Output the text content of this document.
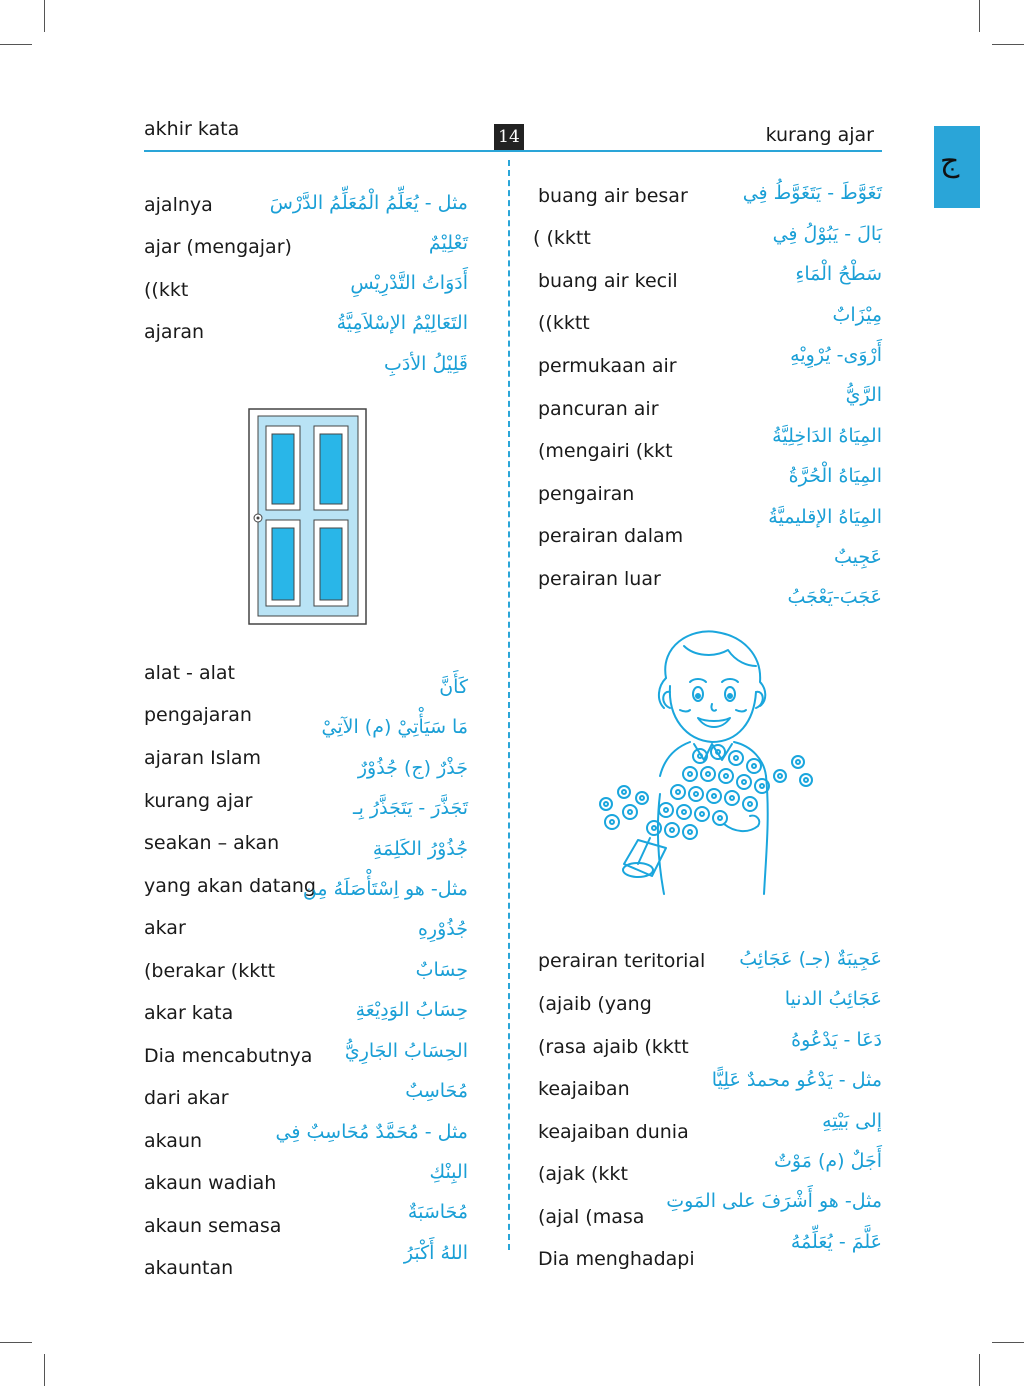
akhir kata	14	kurang ajar
ﺝ
ajalnya
ajar (mengajar)
((kkt
ajaran
مثل - يُعَلِّمُ الْمُعَلِّمُ الدَّرْسَ
تَعْلِيْمٌ
أَدَوَاتُ التَّدْرِيْسِ
التَعَالِيْمُ الإسْلاَمِيَّةُ
قَلِيْلُ الأدَبِ
alat - alat
pengajaran
ajaran Islam
kurang ajar
seakan – akan
yang akan datang
akar
(berakar (kktt
akar kata
Dia mencabutnya
dari akar
akaun
akaun wadiah
akaun semasa
akauntan
كَأَنَّ
مَا سَيَأْتِيْ (م) الآتِيْ
جَذْرٌ (ج) جُذُوْرٌ
تَجَذَّرَ - يَتَجَذَّرُ بِـ
جُذُوْرُ الكَلِمَةِ
مثل- هو اِسْتَأْصَلَهُ مِن
جُذُوْرِهِ
حِسَابٌ
حِسَابُ الوَدِيْعَةِ
الحِسَابُ الجَارِيُّ
مُحَاسِبٌ
مثل - مُحَمَّدٌ مُحَاسِبٌ فِي
البِنْكِ
مُحَاسَبَةٌ
اللهُ أَكْبَرُ
buang air besar
( (kktt
buang air kecil
((kktt
permukaan air
pancuran air
(mengairi (kkt
pengairan
perairan dalam
perairan luar
تَغَوَّطَ - يَتَغَوَّطُ فِي
بَالَ - يَبُوْلُ فِي
سَطْحُ الْمَاءِ
مِيْزَابٌ
أَرْوَى- يُرْوِيْهِ
الرَّيُّ
المِيَاهُ الدَاخِلِيَّةُ
المِيَاهُ الْحُرَّةُ
المِيَاهُ الإقليميَّةُ
عَجِيبٌ
عَجَبَ-يَعْجَبُ
perairan teritorial
(ajaib (yang
(rasa ajaib (kktt
keajaiban
keajaiban dunia
(ajak (kkt
(ajal (masa
Dia menghadapi
عَجِيبَةٌ (جـ) عَجَائِبُ
عَجَائِبُ الدنيا
دَعَا - يَدْعُوهُ
مثل - يَدْعُو محمدٌ عَلِيًّا
إلى بَيْتِهِ
أَجَلٌ (م) مَوْتٌ
مثل- هو أَشْرَفَ على المَوتِ
عَلَّمَ - يُعَلِّمُهُ
